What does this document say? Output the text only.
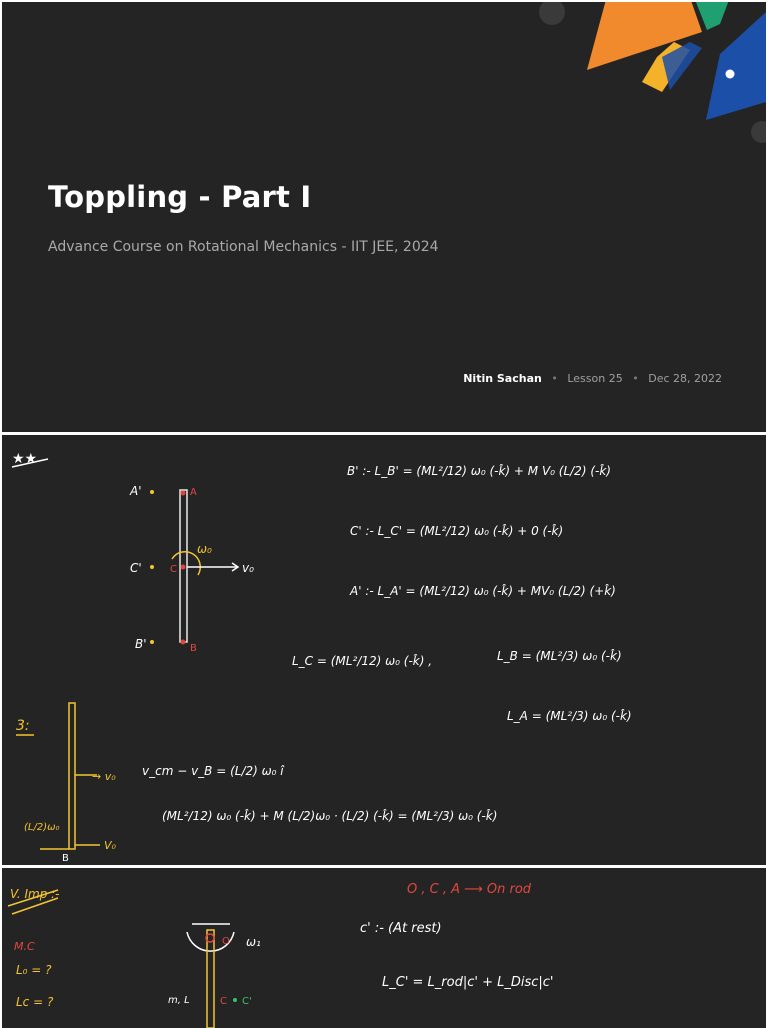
Toppling - Part I

Advance Course on Rotational Mechanics - IIT JEE, 2024

Nitin Sachan • Lesson 25 • Dec 28, 2022
★★
A
B
C
A'
C'
B'
ω₀
v₀
B' :- L_B' = (ML²/12) ω₀ (-k̂) + M V₀ (L/2) (-k̂)
C' :- L_C' = (ML²/12) ω₀ (-k̂) + 0 (-k̂)
A' :- L_A' = (ML²/12) ω₀ (-k̂) + MV₀ (L/2) (+k̂)
L_C = (ML²/12) ω₀ (-k̂) ,	L_B = (ML²/3) ω₀ (-k̂)
L_A = (ML²/3) ω₀ (-k̂)
3:
→ v₀
V₀
(L/2)ω₀
B
v_cm − v_B = (L/2) ω₀ î
(ML²/12) ω₀ (-k̂) + M (L/2)ω₀ · (L/2) (-k̂) = (ML²/3) ω₀ (-k̂)
V. Imp :-
M.C
L₀ = ?
Lc = ?
O ω₁
m, L	C C'
O , C , A ⟶ On rod
c' :- (At rest)
L_C' = L_rod|c' + L_Disc|c'
